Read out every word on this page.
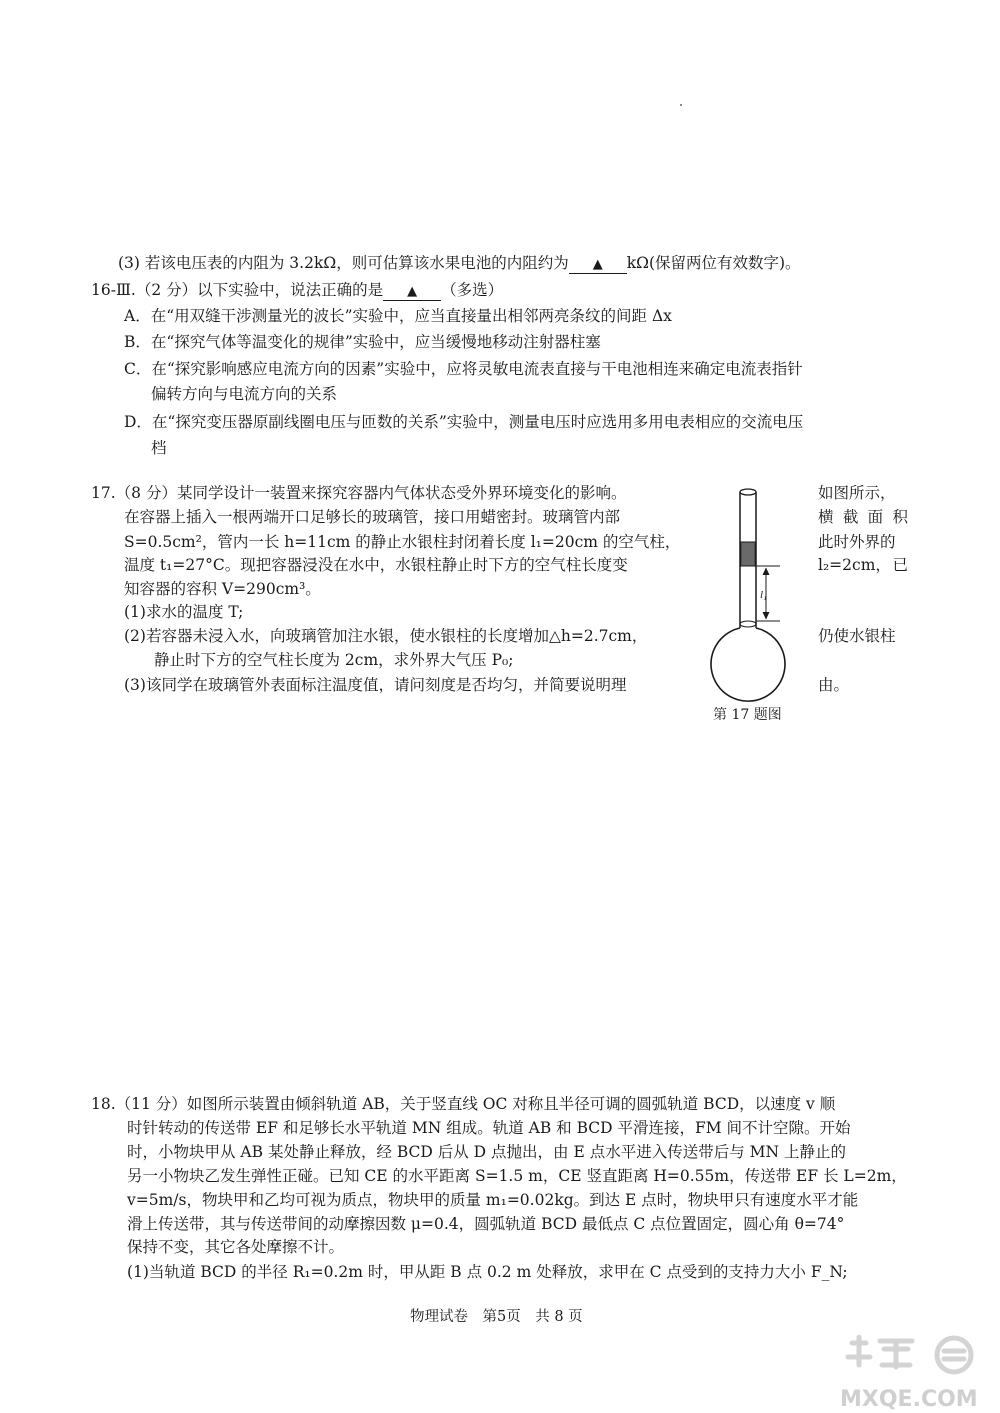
(3) 若该电压表的内阻为 3.2kΩ，则可估算该水果电池的内阻约为 ▲ kΩ(保留两位有效数字)。
16-Ⅲ.（2 分）以下实验中，说法正确的是 ▲ （多选）
A．在“用双缝干涉测量光的波长”实验中，应当直接量出相邻两亮条纹的间距 Δx
B．在“探究气体等温变化的规律”实验中，应当缓慢地移动注射器柱塞
C．在“探究影响感应电流方向的因素”实验中，应将灵敏电流表直接与干电池相连来确定电流表指针
偏转方向与电流方向的关系
D．在“探究变压器原副线圈电压与匝数的关系”实验中，测量电压时应选用多用电表相应的交流电压
档
17.（8 分）某同学设计一装置来探究容器内气体状态受外界环境变化的影响。	如图所示，
在容器上插入一根两端开口足够长的玻璃管，接口用蜡密封。玻璃管内部	横 截 面 积
S=0.5cm²，管内一长 h=11cm 的静止水银柱封闭着长度 l₁=20cm 的空气柱，	此时外界的
温度 t₁=27°C。现把容器浸没在水中，水银柱静止时下方的空气柱长度变	l₂=2cm， 已
知容器的容积 V=290cm³。
(1)求水的温度 T;
(2)若容器未浸入水，向玻璃管加注水银，使水银柱的长度增加△h=2.7cm，	仍使水银柱
静止时下方的空气柱长度为 2cm，求外界大气压 P₀;
(3)该同学在玻璃管外表面标注温度值，请问刻度是否均匀，并简要说明理	由。
l₁
第 17 题图
18.（11 分）如图所示装置由倾斜轨道 AB，关于竖直线 OC 对称且半径可调的圆弧轨道 BCD，以速度 v 顺
时针转动的传送带 EF 和足够长水平轨道 MN 组成。轨道 AB 和 BCD 平滑连接，FM 间不计空隙。开始
时，小物块甲从 AB 某处静止释放，经 BCD 后从 D 点抛出，由 E 点水平进入传送带后与 MN 上静止的
另一小物块乙发生弹性正碰。已知 CE 的水平距离 S=1.5 m，CE 竖直距离 H=0.55m，传送带 EF 长 L=2m，
v=5m/s，物块甲和乙均可视为质点，物块甲的质量 m₁=0.02kg。到达 E 点时，物块甲只有速度水平才能
滑上传送带，其与传送带间的动摩擦因数 μ=0.4，圆弧轨道 BCD 最低点 C 点位置固定，圆心角 θ=74°
保持不变，其它各处摩擦不计。
(1)当轨道 BCD 的半径 R₁=0.2m 时，甲从距 B 点 0.2 m 处释放，求甲在 C 点受到的支持力大小 F_N;
物理试卷　第5页　共 8 页
MXQE.COM
